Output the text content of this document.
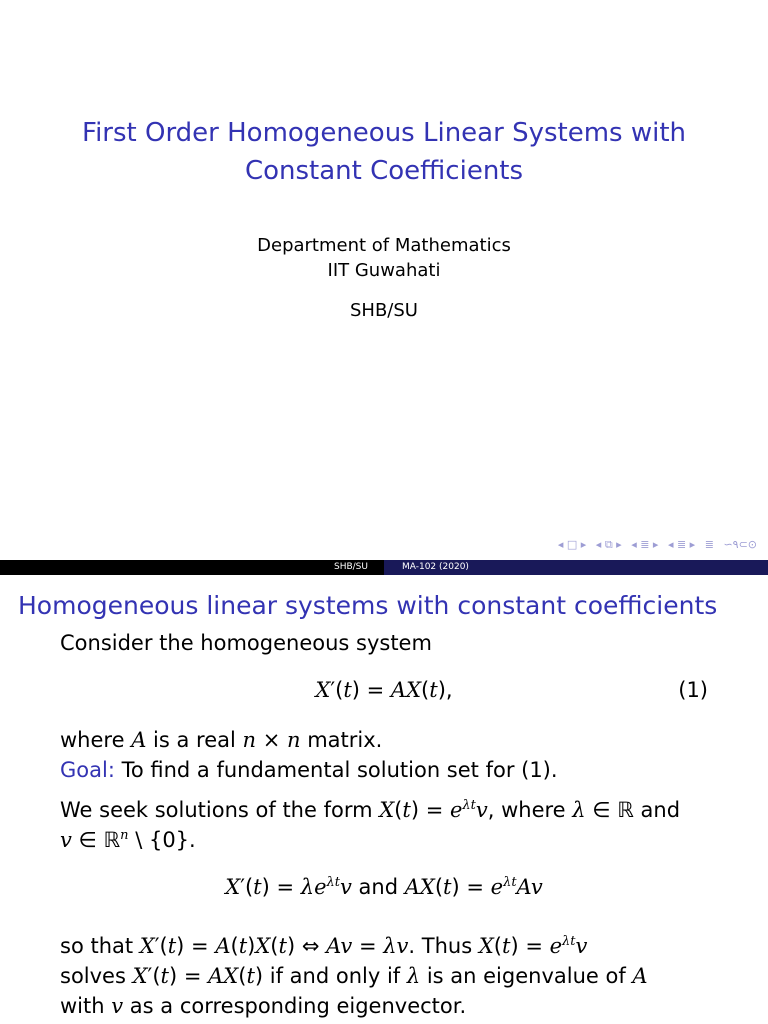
First Order Homogeneous Linear Systems with
Constant Coefficients
Department of Mathematics
IIT Guwahati
SHB/SU
◂ □ ▸ ◂ ⧉ ▸ ◂ ≣ ▸ ◂ ≣ ▸ ≣ ∽۹⊂⊙
SHB/SU	MA-102 (2020)
Homogeneous linear systems with constant coefficients
Consider the homogeneous system
X′(t) = AX(t),	(1)
where A is a real n × n matrix.
Goal: To find a fundamental solution set for (1).
We seek solutions of the form $X(t) = e^{\lambda t}v$, where λ ∈ ℝ and
v ∈ ℝ$^n$ \ {0}.
$X'(t) = \lambda e^{\lambda t}v$ and $AX(t) = e^{\lambda t}Av$
so that X′(t) = A(t)X(t) ⇔ Av = λv. Thus $X(t) = e^{\lambda t}v$
solves X′(t) = AX(t) if and only if λ is an eigenvalue of A
with v as a corresponding eigenvector.
